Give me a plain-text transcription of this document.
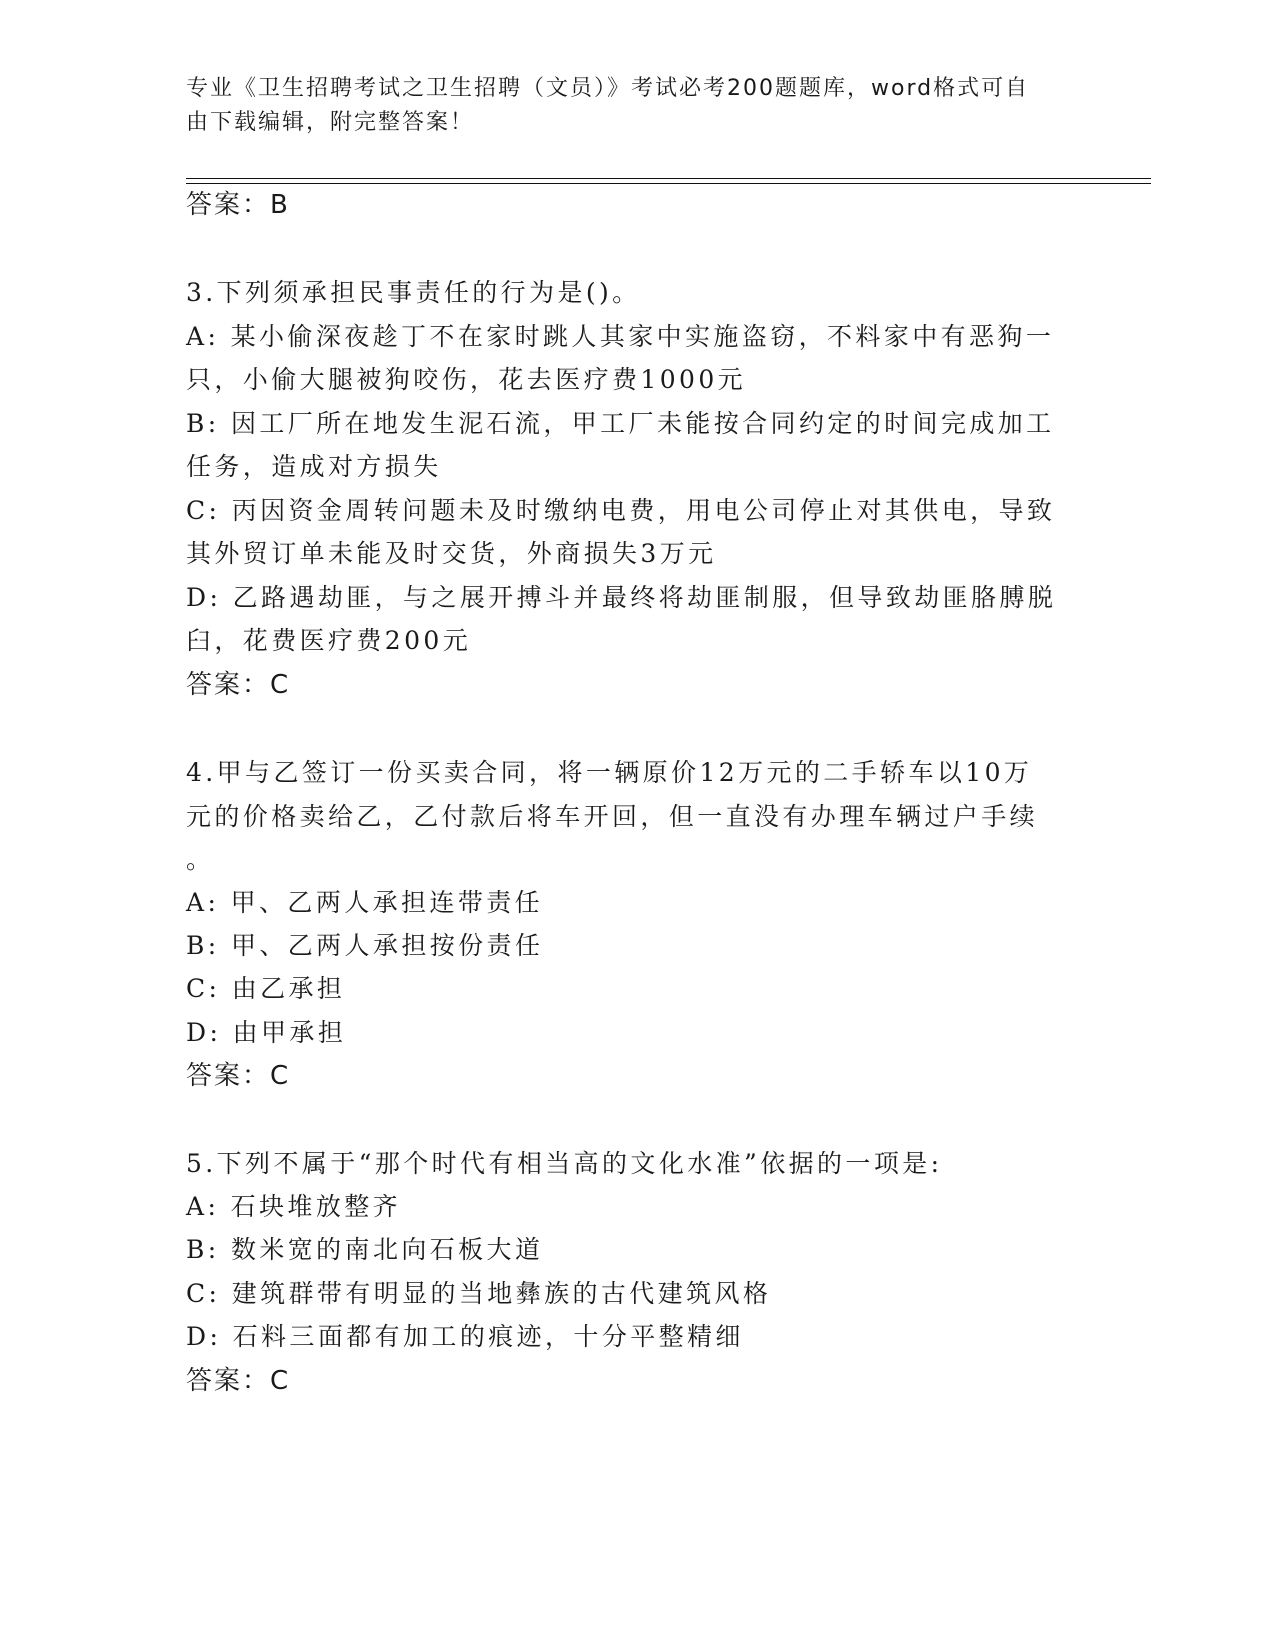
专业《卫生招聘考试之卫生招聘（文员）》考试必考200题题库，word格式可自
由下载编辑，附完整答案！
答案：B
3.下列须承担民事责任的行为是()。
A: 某小偷深夜趁丁不在家时跳人其家中实施盗窃，不料家中有恶狗一
只，小偷大腿被狗咬伤，花去医疗费1000元
B: 因工厂所在地发生泥石流，甲工厂未能按合同约定的时间完成加工
任务，造成对方损失
C: 丙因资金周转问题未及时缴纳电费，用电公司停止对其供电，导致
其外贸订单未能及时交货，外商损失3万元
D: 乙路遇劫匪，与之展开搏斗并最终将劫匪制服，但导致劫匪胳膊脱
臼，花费医疗费200元
答案：C
4.甲与乙签订一份买卖合同，将一辆原价12万元的二手轿车以10万
元的价格卖给乙，乙付款后将车开回，但一直没有办理车辆过户手续
。
A: 甲、乙两人承担连带责任
B: 甲、乙两人承担按份责任
C: 由乙承担
D: 由甲承担
答案：C
5.下列不属于“那个时代有相当高的文化水准”依据的一项是:
A: 石块堆放整齐
B: 数米宽的南北向石板大道
C: 建筑群带有明显的当地彝族的古代建筑风格
D: 石料三面都有加工的痕迹，十分平整精细
答案：C
